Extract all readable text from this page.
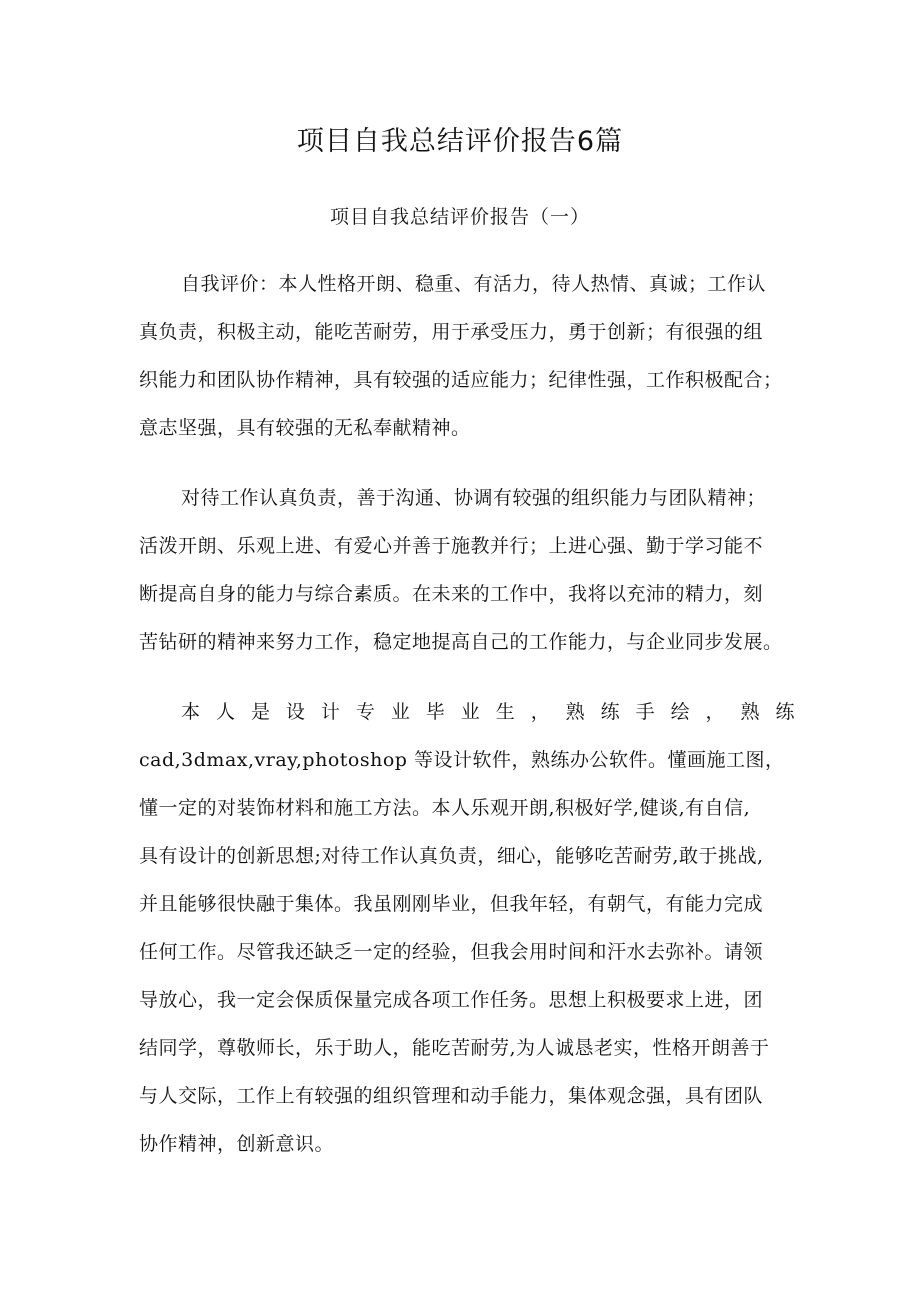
项目自我总结评价报告6篇
项目自我总结评价报告（一）
自我评价：本人性格开朗、稳重、有活力，待人热情、真诚；工作认
真负责，积极主动，能吃苦耐劳，用于承受压力，勇于创新；有很强的组
织能力和团队协作精神，具有较强的适应能力；纪律性强，工作积极配合；
意志坚强，具有较强的无私奉献精神。
对待工作认真负责，善于沟通、协调有较强的组织能力与团队精神；
活泼开朗、乐观上进、有爱心并善于施教并行；上进心强、勤于学习能不
断提高自身的能力与综合素质。在未来的工作中，我将以充沛的精力，刻
苦钻研的精神来努力工作，稳定地提高自己的工作能力，与企业同步发展。
本 人 是 设 计 专 业 毕 业 生 ， 熟 练 手 绘 ， 熟 练
cad,3dmax,vray,photoshop 等设计软件，熟练办公软件。懂画施工图，
懂一定的对装饰材料和施工方法。本人乐观开朗,积极好学,健谈,有自信,
具有设计的创新思想;对待工作认真负责，细心，能够吃苦耐劳,敢于挑战,
并且能够很快融于集体。我虽刚刚毕业，但我年轻，有朝气，有能力完成
任何工作。尽管我还缺乏一定的经验，但我会用时间和汗水去弥补。请领
导放心，我一定会保质保量完成各项工作任务。思想上积极要求上进，团
结同学，尊敬师长，乐于助人，能吃苦耐劳,为人诚恳老实，性格开朗善于
与人交际，工作上有较强的组织管理和动手能力，集体观念强，具有团队
协作精神，创新意识。
